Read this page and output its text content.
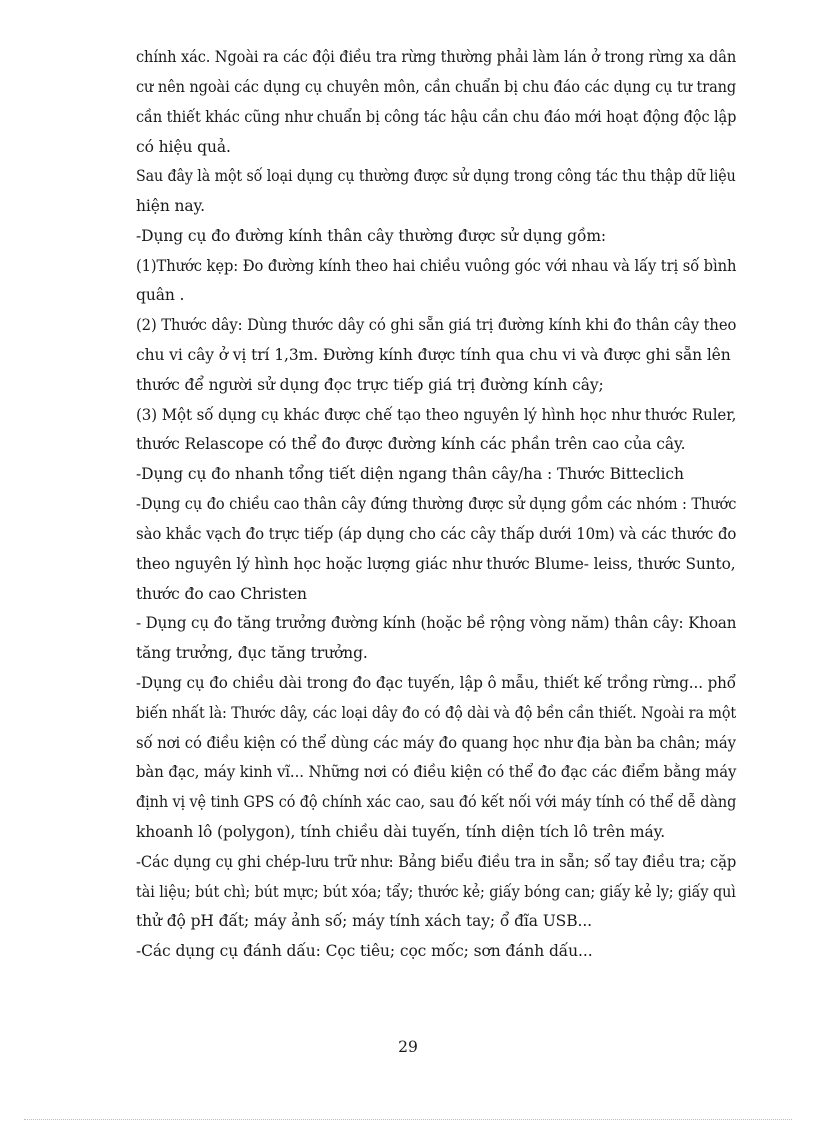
chính xác. Ngoài ra các đội điều tra rừng thường phải làm lán ở trong rừng xa dân
cư nên ngoài các dụng cụ chuyên môn, cần chuẩn bị chu đáo các dụng cụ tư trang
cần thiết khác cũng như chuẩn bị công tác hậu cần chu đáo mới hoạt động độc lập
có hiệu quả.
Sau đây là một số loại dụng cụ thường được sử dụng trong công tác thu thập dữ liệu
hiện nay.
-Dụng cụ đo đường kính thân cây thường được sử dụng gồm:
(1)Thước kẹp: Đo đường kính theo hai chiều vuông góc với nhau và lấy trị số bình
quân .
(2) Thước dây: Dùng thước dây có ghi sẵn giá trị đường kính khi đo thân cây theo
chu vi cây ở vị trí 1,3m. Đường kính được tính qua chu vi và được ghi sẵn lên
thước để người sử dụng đọc trực tiếp giá trị đường kính cây;
(3) Một số dụng cụ khác được chế tạo theo nguyên lý hình học như thước Ruler,
thước Relascope có thể đo được đường kính các phần trên cao của cây.
-Dụng cụ đo nhanh tổng tiết diện ngang thân cây/ha : Thước Bitteclich
-Dụng cụ đo chiều cao thân cây đứng thường được sử dụng gồm các nhóm : Thước
sào khắc vạch đo trực tiếp (áp dụng cho các cây thấp dưới 10m) và các thước đo
theo nguyên lý hình học hoặc lượng giác như thước Blume- leiss, thước Sunto,
thước đo cao Christen
- Dụng cụ đo tăng trưởng đường kính (hoặc bề rộng vòng năm) thân cây: Khoan
tăng trưởng, đục tăng trưởng.
-Dụng cụ đo chiều dài trong đo đạc tuyến, lập ô mẫu, thiết kế trồng rừng... phổ
biến nhất là: Thước dây, các loại dây đo có độ dài và độ bền cần thiết. Ngoài ra một
số nơi có điều kiện có thể dùng các máy đo quang học như địa bàn ba chân; máy
bàn đạc, máy kinh vĩ... Những nơi có điều kiện có thể đo đạc các điểm bằng máy
định vị vệ tinh GPS có độ chính xác cao, sau đó kết nối với máy tính có thể dễ dàng
khoanh lô (polygon), tính chiều dài tuyến, tính diện tích lô trên máy.
-Các dụng cụ ghi chép-lưu trữ như: Bảng biểu điều tra in sẵn; sổ tay điều tra; cặp
tài liệu; bút chì; bút mực; bút xóa; tẩy; thước kẻ; giấy bóng can; giấy kẻ ly; giấy quì
thử độ pH đất; máy ảnh số; máy tính xách tay; ổ đĩa USB...
-Các dụng cụ đánh dấu: Cọc tiêu; cọc mốc; sơn đánh dấu...
29
